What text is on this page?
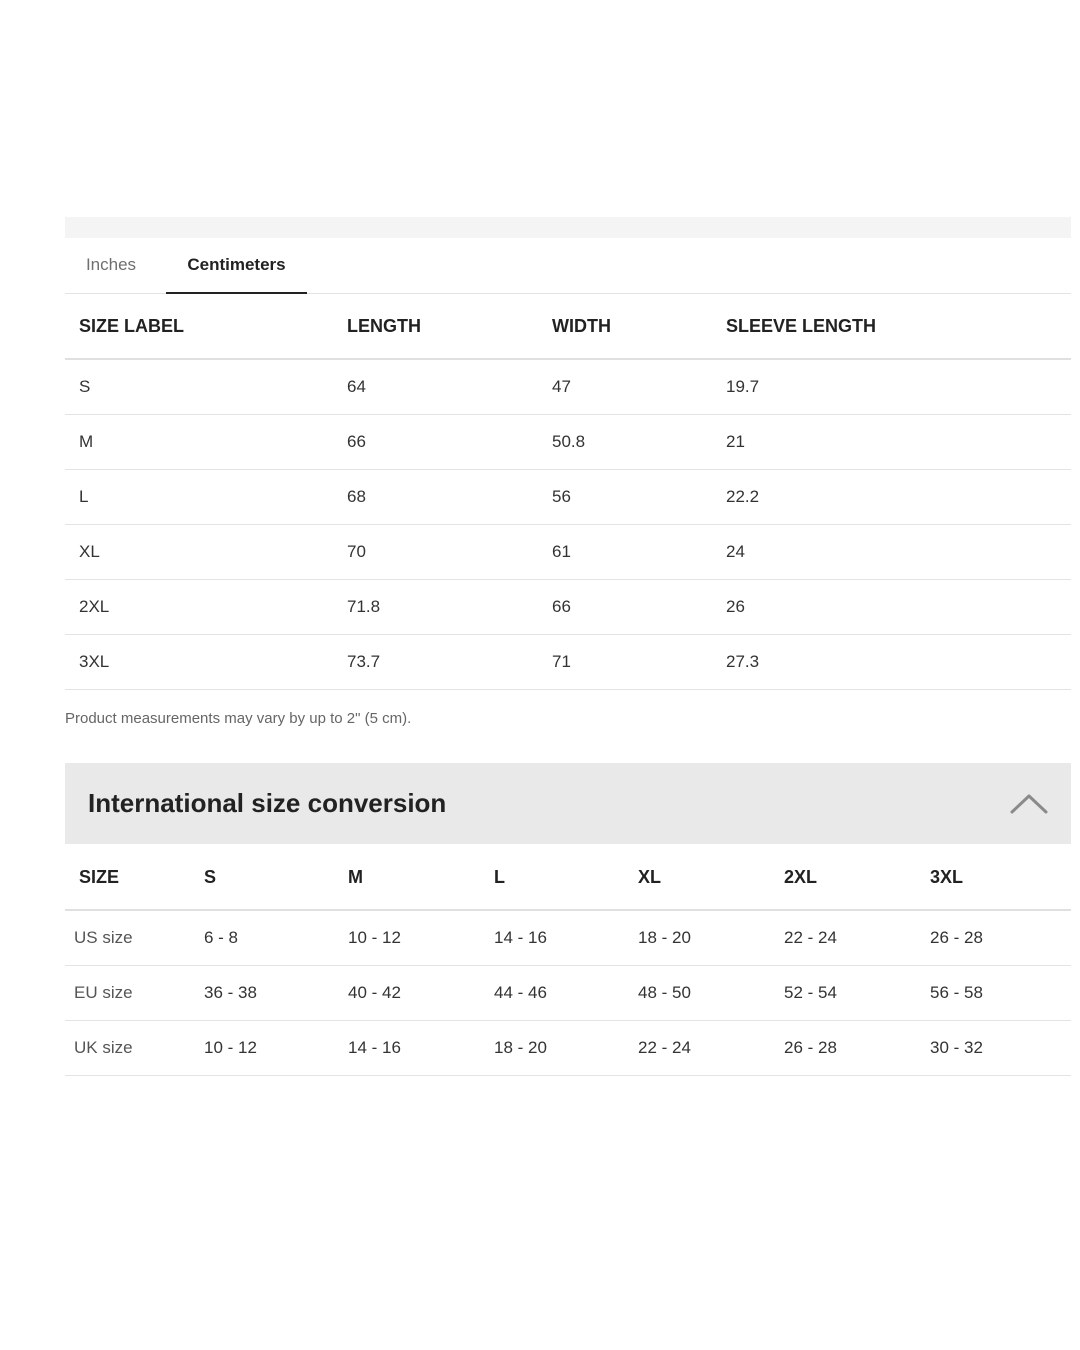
Inches	Centimeters
SIZE LABEL	LENGTH	WIDTH	SLEEVE LENGTH
S	64	47	19.7
M	66	50.8	21
L	68	56	22.2
XL	70	61	24
2XL	71.8	66	26
3XL	73.7	71	27.3
Product measurements may vary by up to 2" (5 cm).
International size conversion
SIZE	S	M	L	XL	2XL	3XL
US size	6 - 8	10 - 12	14 - 16	18 - 20	22 - 24	26 - 28
EU size	36 - 38	40 - 42	44 - 46	48 - 50	52 - 54	56 - 58
UK size	10 - 12	14 - 16	18 - 20	22 - 24	26 - 28	30 - 32
